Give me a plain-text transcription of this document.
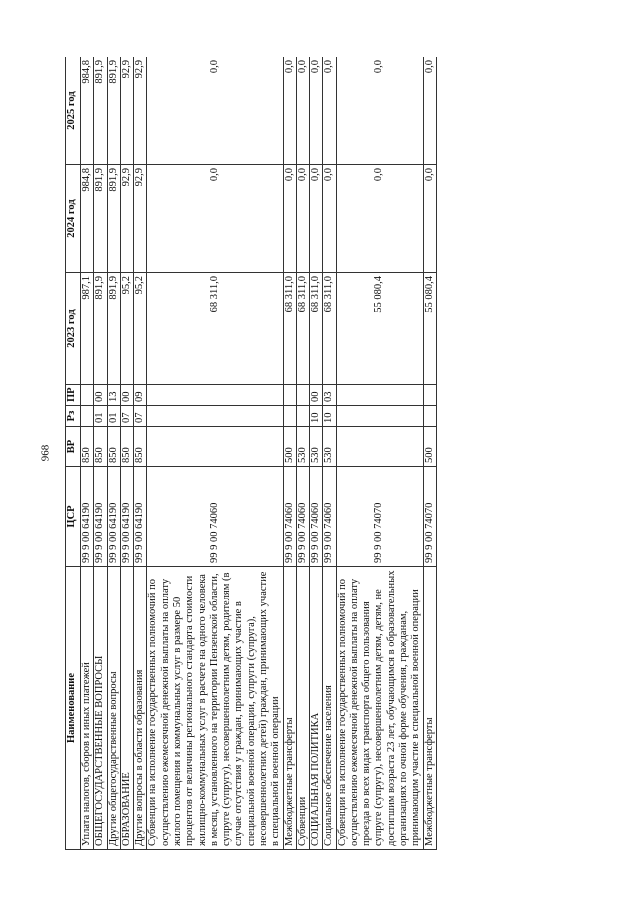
968
Наименование	ЦСР	ВР	Рз	ПР	2023 год	2024 год	2025 год
Уплата налогов, сборов и иных платежей	99 9 00 64190	850			987,1	984,8	984,8
ОБЩЕГОСУДАРСТВЕННЫЕ ВОПРОСЫ	99 9 00 64190	850	01	00	891,9	891,9	891,9
Другие общегосударственные вопросы	99 9 00 64190	850	01	13	891,9	891,9	891,9
ОБРАЗОВАНИЕ	99 9 00 64190	850	07	00	95,2	92,9	92,9
Другие вопросы в области образования	99 9 00 64190	850	07	09	95,2	92,9	92,9
Субвенции на исполнение государственных полномочий по осуществлению ежемесячной денежной выплаты на оплату жилого помещения и коммунальных услуг в размере 50 процентов от величины регионального стандарта стоимости жилищно-коммунальных услуг в расчете на одного человека в месяц, установленного на территории Пензенской области, супруге (супругу), несовершеннолетним детям, родителям (в случае отсутствия у граждан, принимающих участие в специальной военной операции, супруги (супруга), несовершеннолетних детей) граждан, принимающих участие в специальной военной операции	99 9 00 74060				68 311,0	0,0	0,0
Межбюджетные трансферты	99 9 00 74060	500			68 311,0	0,0	0,0
Субвенции	99 9 00 74060	530			68 311,0	0,0	0,0
СОЦИАЛЬНАЯ ПОЛИТИКА	99 9 00 74060	530	10	00	68 311,0	0,0	0,0
Социальное обеспечение населения	99 9 00 74060	530	10	03	68 311,0	0,0	0,0
Субвенции на исполнение государственных полномочий по осуществлению ежемесячной денежной выплаты на оплату проезда во всех видах транспорта общего пользования супруге (супругу), несовершеннолетним детям, детям, не достигшим возраста 23 лет, обучающимся в образовательных организациях по очной форме обучения, гражданам, принимающим участие в специальной военной операции	99 9 00 74070				55 080,4	0,0	0,0
Межбюджетные трансферты	99 9 00 74070	500			55 080,4	0,0	0,0
